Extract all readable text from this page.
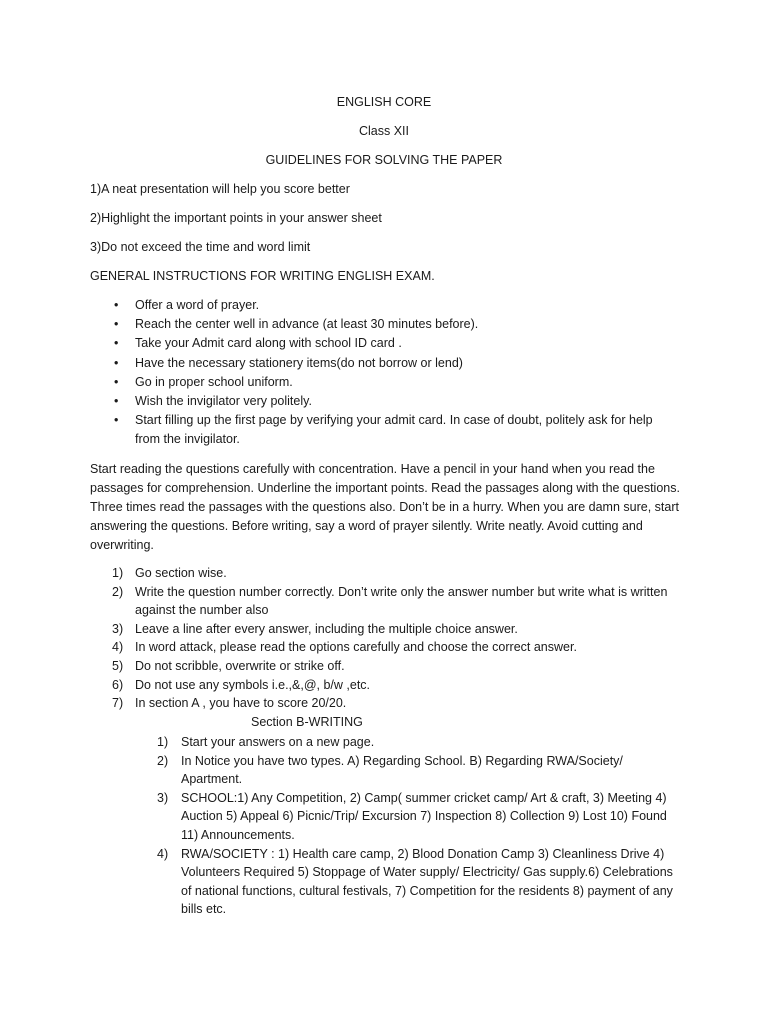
ENGLISH CORE
Class XII
GUIDELINES FOR SOLVING THE PAPER
1)A neat presentation will help you score better
2)Highlight the important points in your answer sheet
3)Do not exceed the time and word limit
GENERAL INSTRUCTIONS FOR WRITING ENGLISH EXAM.
• Offer a word of prayer.
• Reach the center well in advance (at least 30 minutes before).
• Take your Admit card along with school ID card .
• Have the necessary stationery items(do not borrow or lend)
• Go in proper school uniform.
• Wish the invigilator very politely.
• Start filling up the first page by verifying your admit card. In case of doubt, politely ask for help from the invigilator.
Start reading the questions carefully with concentration. Have a pencil in your hand when you read the passages for comprehension. Underline the important points. Read the passages along with the questions. Three times read the passages with the questions also. Don’t be in a hurry. When you are damn sure, start answering the questions. Before writing, say a word of prayer silently. Write neatly. Avoid cutting and overwriting.
1) Go section wise.
2) Write the question number correctly. Don’t write only the answer number but write what is written against the number also
3) Leave a line after every answer, including the multiple choice answer.
4) In word attack, please read the options carefully and choose the correct answer.
5) Do not scribble, overwrite or strike off.
6) Do not use any symbols i.e.,&,@, b/w ,etc.
7) In section A , you have to score 20/20.
Section B-WRITING
1) Start your answers on a new page.
2) In Notice you have two types. A) Regarding School. B) Regarding RWA/Society/ Apartment.
3) SCHOOL:1) Any Competition, 2) Camp( summer cricket camp/ Art & craft, 3) Meeting 4) Auction 5) Appeal 6) Picnic/Trip/ Excursion 7) Inspection 8) Collection 9) Lost 10) Found 11) Announcements.
4) RWA/SOCIETY : 1) Health care camp, 2) Blood Donation Camp 3) Cleanliness Drive 4) Volunteers Required 5) Stoppage of Water supply/ Electricity/ Gas supply.6) Celebrations of national functions, cultural festivals, 7) Competition for the residents 8) payment of any bills etc.
